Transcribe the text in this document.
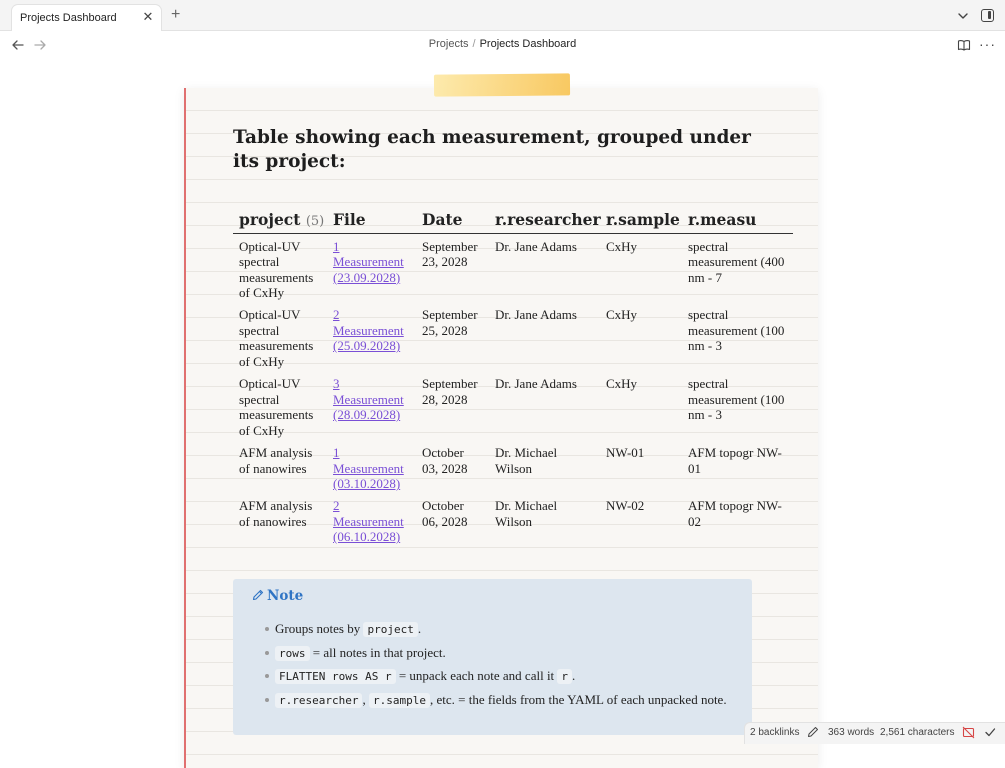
Projects Dashboard ✕ +
Projects / Projects Dashboard	···
Table showing each measurement, grouped under its project:
project (5)	File	Date	r.researcher	r.sample	r.measu
Optical-UV spectral measurements of CxHy	1 Measurement (23.09.2028)	September 23, 2028	Dr. Jane Adams	CxHy	spectral measurement (400 nm - 7
Optical-UV spectral measurements of CxHy	2 Measurement (25.09.2028)	September 25, 2028	Dr. Jane Adams	CxHy	spectral measurement (100 nm - 3
Optical-UV spectral measurements of CxHy	3 Measurement (28.09.2028)	September 28, 2028	Dr. Jane Adams	CxHy	spectral measurement (100 nm - 3
AFM analysis of nanowires	1 Measurement (03.10.2028)	October 03, 2028	Dr. Michael Wilson	NW-01	AFM topogr NW-01
AFM analysis of nanowires	2 Measurement (06.10.2028)	October 06, 2028	Dr. Michael Wilson	NW-02	AFM topogr NW-02
Note
Groups notes by project .
rows = all notes in that project.
FLATTEN rows AS r = unpack each note and call it r .
r.researcher , r.sample , etc. = the fields from the YAML of each unpacked note.
2 backlinks	363 words 2,561 characters
